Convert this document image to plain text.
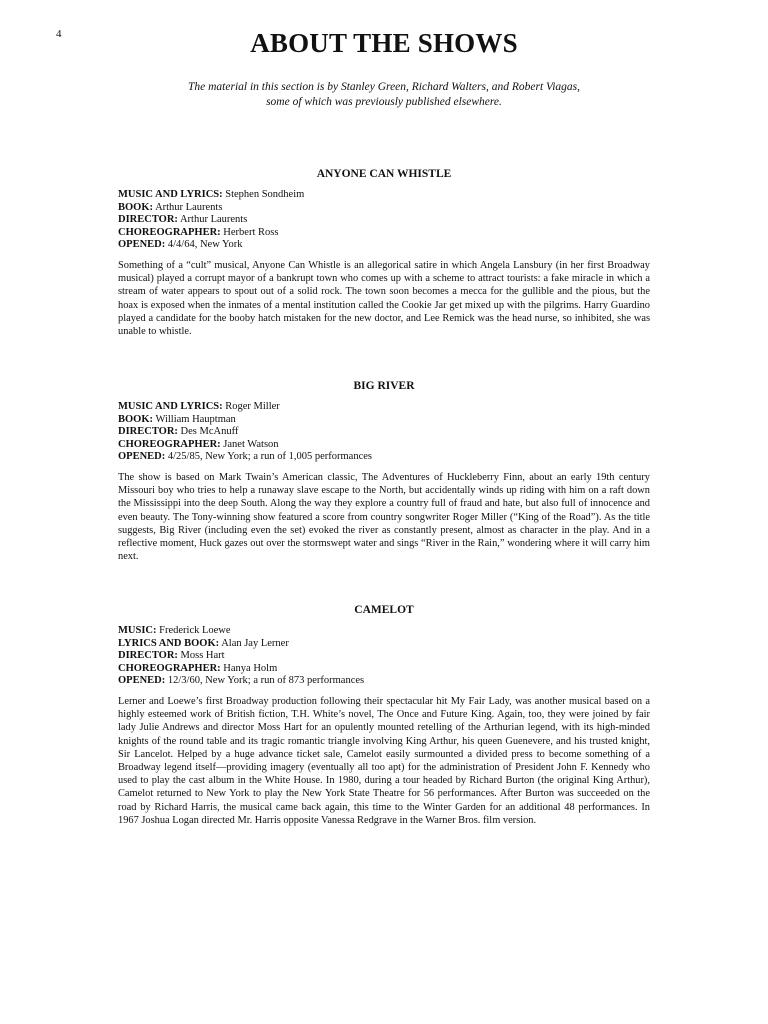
4	ABOUT THE SHOWS

The material in this section is by Stanley Green, Richard Walters, and Robert Viagas,
some of which was previously published elsewhere.

ANYONE CAN WHISTLE
MUSIC AND LYRICS: Stephen Sondheim
BOOK: Arthur Laurents
DIRECTOR: Arthur Laurents
CHOREOGRAPHER: Herbert Ross
OPENED: 4/4/64, New York

Something of a “cult” musical, Anyone Can Whistle is an allegorical satire in which Angela Lansbury (in her first Broadway musical) played a corrupt mayor of a bankrupt town who comes up with a scheme to attract tourists: a fake miracle in which a stream of water appears to spout out of a solid rock. The town soon becomes a mecca for the gullible and the pious, but the hoax is exposed when the inmates of a mental institution called the Cookie Jar get mixed up with the pilgrims. Harry Guardino played a candidate for the booby hatch mistaken for the new doctor, and Lee Remick was the head nurse, so inhibited, she was unable to whistle.

BIG RIVER
MUSIC AND LYRICS: Roger Miller
BOOK: William Hauptman
DIRECTOR: Des McAnuff
CHOREOGRAPHER: Janet Watson
OPENED: 4/25/85, New York; a run of 1,005 performances

The show is based on Mark Twain’s American classic, The Adventures of Huckleberry Finn, about an early 19th century Missouri boy who tries to help a runaway slave escape to the North, but accidentally winds up riding with him on a raft down the Mississippi into the deep South. Along the way they explore a country full of fraud and hate, but also full of innocence and even beauty. The Tony-winning show featured a score from country songwriter Roger Miller (“King of the Road”). As the title suggests, Big River (including even the set) evoked the river as constantly present, almost as character in the play. And in a reflective moment, Huck gazes out over the stormswept water and sings “River in the Rain,” wondering where it will carry him next.

CAMELOT
MUSIC: Frederick Loewe
LYRICS AND BOOK: Alan Jay Lerner
DIRECTOR: Moss Hart
CHOREOGRAPHER: Hanya Holm
OPENED: 12/3/60, New York; a run of 873 performances

Lerner and Loewe’s first Broadway production following their spectacular hit My Fair Lady, was another musical based on a highly esteemed work of British fiction, T.H. White’s novel, The Once and Future King. Again, too, they were joined by fair lady Julie Andrews and director Moss Hart for an opulently mounted retelling of the Arthurian legend, with its high-minded knights of the round table and its tragic romantic triangle involving King Arthur, his queen Guenevere, and his trusted knight, Sir Lancelot. Helped by a huge advance ticket sale, Camelot easily surmounted a divided press to become something of a Broadway legend itself—providing imagery (eventually all too apt) for the administration of President John F. Kennedy who used to play the cast album in the White House. In 1980, during a tour headed by Richard Burton (the original King Arthur), Camelot returned to New York to play the New York State Theatre for 56 performances. After Burton was succeeded on the road by Richard Harris, the musical came back again, this time to the Winter Garden for an additional 48 performances. In 1967 Joshua Logan directed Mr. Harris opposite Vanessa Redgrave in the Warner Bros. film version.
